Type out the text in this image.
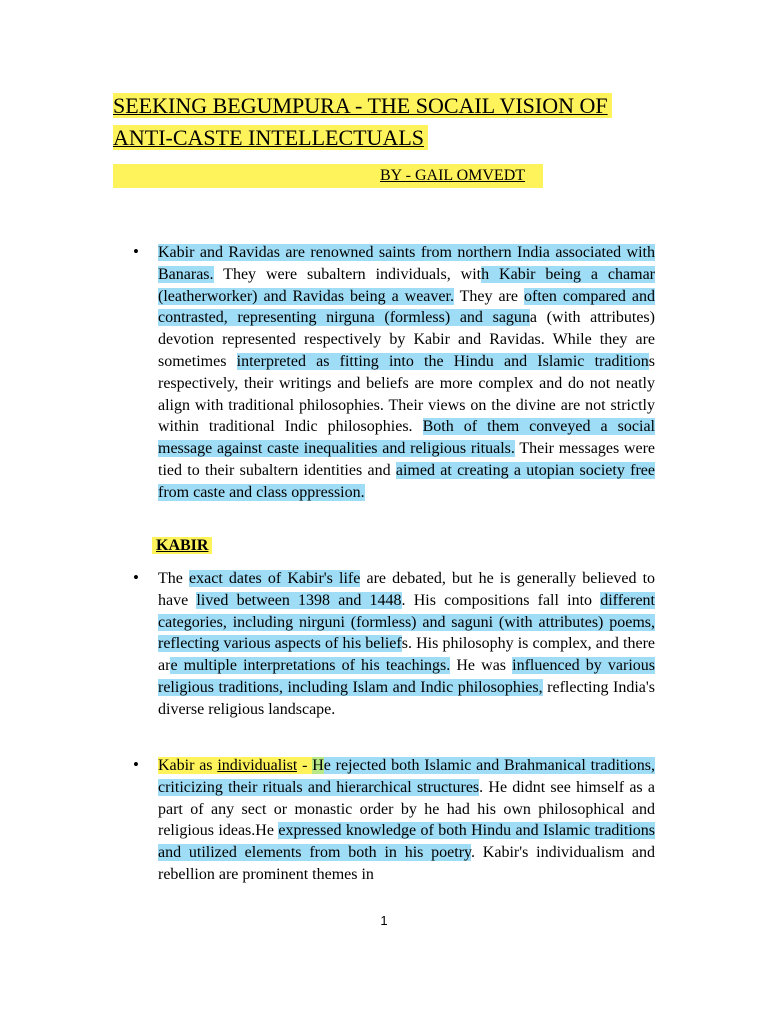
SEEKING BEGUMPURA - THE SOCAIL VISION OF
ANTI-CASTE INTELLECTUALS
BY - GAIL OMVEDT
• Kabir and Ravidas are renowned saints from northern India associated with Banaras. They were subaltern individuals, with Kabir being a chamar (leatherworker) and Ravidas being a weaver. They are often compared and contrasted, representing nirguna (formless) and saguna (with attributes) devotion represented respectively by Kabir and Ravidas. While they are sometimes interpreted as fitting into the Hindu and Islamic traditions respectively, their writings and beliefs are more complex and do not neatly align with traditional philosophies. Their views on the divine are not strictly within traditional Indic philosophies. Both of them conveyed a social message against caste inequalities and religious rituals. Their messages were tied to their subaltern identities and aimed at creating a utopian society free from caste and class oppression.
KABIR
• The exact dates of Kabir's life are debated, but he is generally believed to have lived between 1398 and 1448. His compositions fall into different categories, including nirguni (formless) and saguni (with attributes) poems, reflecting various aspects of his beliefs. His philosophy is complex, and there are multiple interpretations of his teachings. He was influenced by various religious traditions, including Islam and Indic philosophies, reflecting India's diverse religious landscape.
• Kabir as individualist - He rejected both Islamic and Brahmanical traditions, criticizing their rituals and hierarchical structures. He didnt see himself as a part of any sect or monastic order by he had his own philosophical and religious ideas.He expressed knowledge of both Hindu and Islamic traditions and utilized elements from both in his poetry. Kabir's individualism and rebellion are prominent themes in
1
